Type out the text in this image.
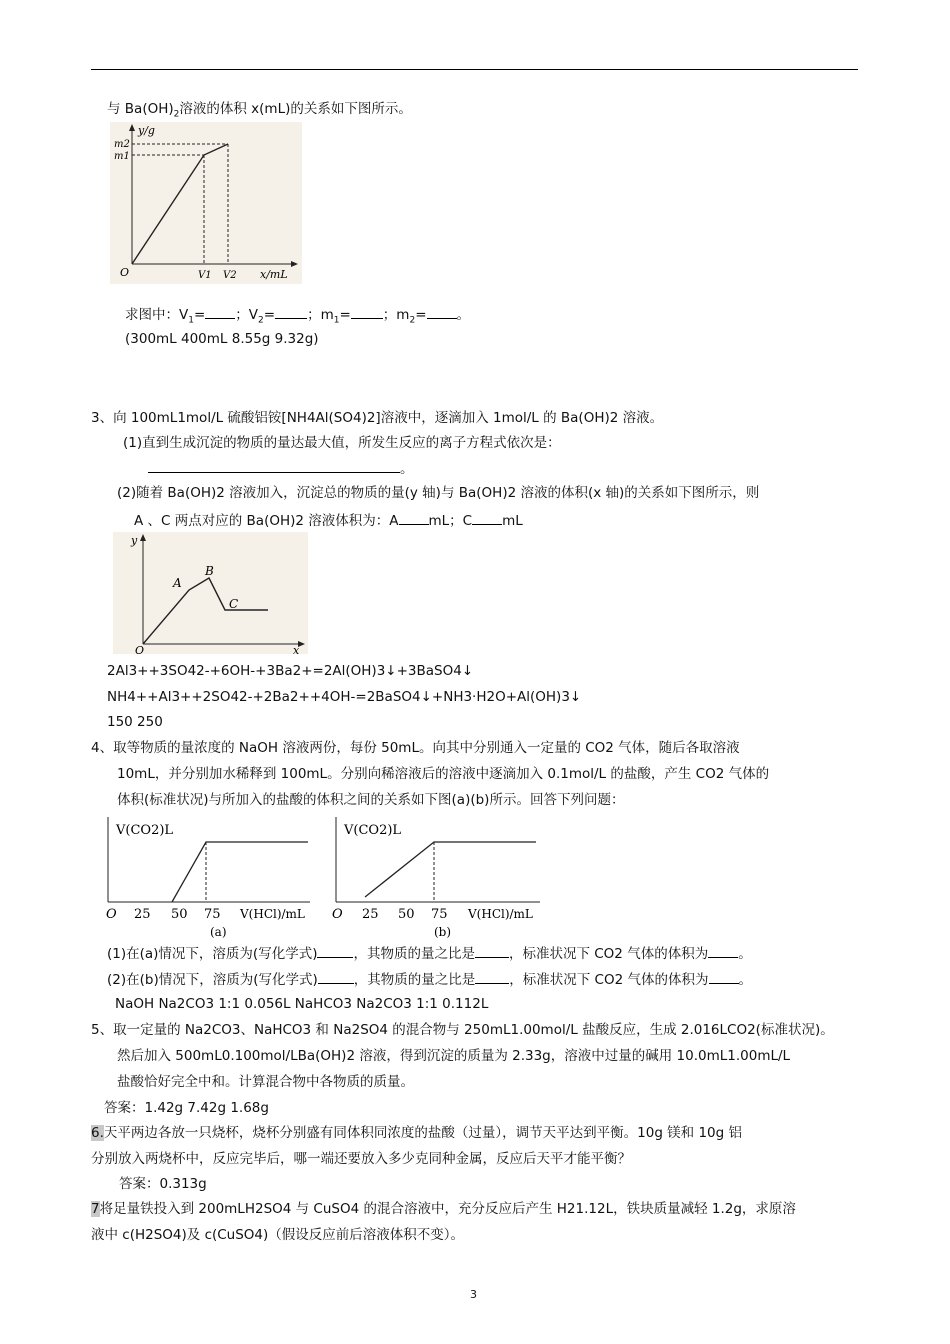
与 $Ba(OH)_2$溶液的体积 x(mL)的关系如下图所示。
y/g
m2
m1
O	V1 V2 x/mL
求图中：$V_1=$ ；$V_2=$ ；$m_1=$ ；$m_2=$ 。
(300mL 400mL 8.55g 9.32g)
3、向 100mL1mol/L 硫酸铝铵[NH4Al(SO4)2]溶液中，逐滴加入 1mol/L 的 Ba(OH)2 溶液。
(1)直到生成沉淀的物质的量达最大值，所发生反应的离子方程式依次是：
。
(2)随着 Ba(OH)2 溶液加入，沉淀总的物质的量(y 轴)与 Ba(OH)2 溶液的体积(x 轴)的关系如下图所示，则
A 、C 两点对应的 Ba(OH)2 溶液体积为：A mL；C mL
y
x
O
A
B
C
2Al3++3SO42-+6OH-+3Ba2+=2Al(OH)3↓+3BaSO4↓
NH4++Al3++2SO42-+2Ba2++4OH-=2BaSO4↓+NH3·H2O+Al(OH)3↓
150 250
4、取等物质的量浓度的 NaOH 溶液两份，每份 50mL。向其中分别通入一定量的 CO2 气体，随后各取溶液
10mL，并分别加水稀释到 100mL。分别向稀溶液后的溶液中逐滴加入 0.1mol/L 的盐酸，产生 CO2 气体的
体积(标准状况)与所加入的盐酸的体积之间的关系如下图(a)(b)所示。回答下列问题：
V(CO2)L
O 25 50 75 V(HCl)/mL
(a)
V(CO2)L
O 25 50 75 V(HCl)/mL
(b)
(1)在(a)情况下，溶质为(写化学式)	，其物质的量之比是	，标准状况下 CO2 气体的体积为 。
(2)在(b)情况下，溶质为(写化学式)	，其物质的量之比是	，标准状况下 CO2 气体的体积为 。
NaOH Na2CO3 1:1 0.056L NaHCO3 Na2CO3 1:1 0.112L
5、取一定量的 Na2CO3、NaHCO3 和 Na2SO4 的混合物与 250mL1.00mol/L 盐酸反应，生成 2.016LCO2(标准状况)。
然后加入 500mL0.100mol/LBa(OH)2 溶液，得到沉淀的质量为 2.33g，溶液中过量的碱用 10.0mL1.00mL/L
盐酸恰好完全中和。计算混合物中各物质的质量。
答案：1.42g 7.42g 1.68g
6.天平两边各放一只烧杯，烧杯分别盛有同体积同浓度的盐酸（过量），调节天平达到平衡。10g 镁和 10g 铝
分别放入两烧杯中，反应完毕后，哪一端还要放入多少克同种金属，反应后天平才能平衡？
答案：0.313g
7将足量铁投入到 200mLH2SO4 与 CuSO4 的混合溶液中，充分反应后产生 H21.12L，铁块质量减轻 1.2g，求原溶
液中 c(H2SO4)及 c(CuSO4)（假设反应前后溶液体积不变）。
3
